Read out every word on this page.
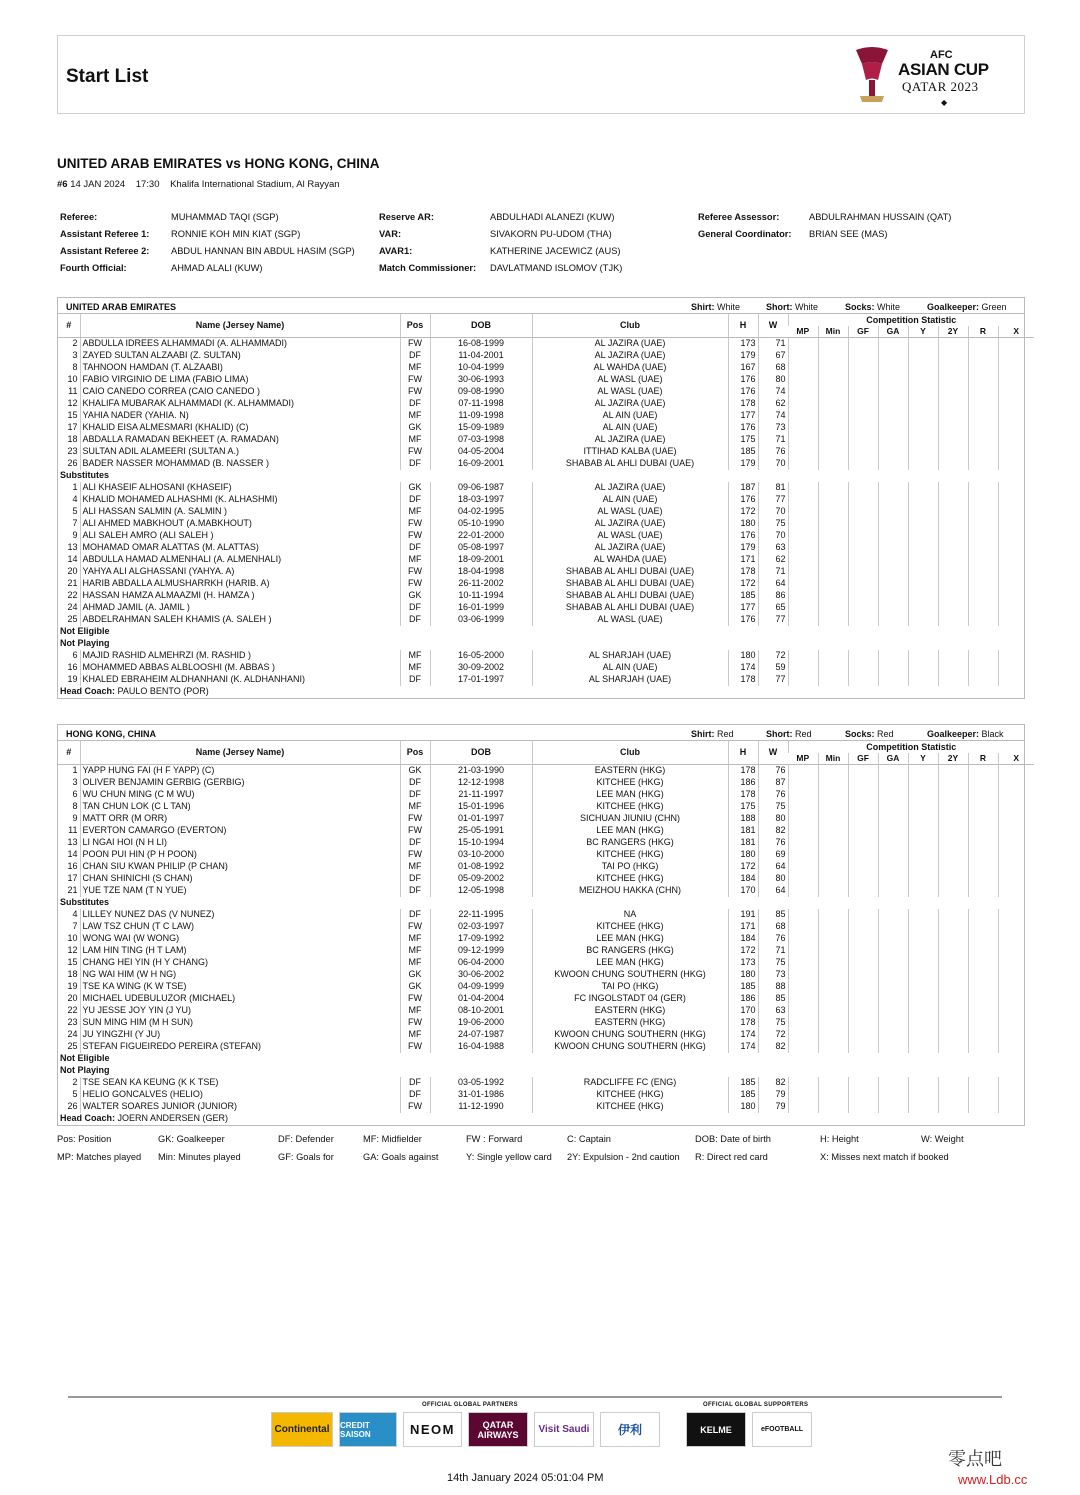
Start List
AFC
ASIAN CUP
QATAR 2023
◆
UNITED ARAB EMIRATES vs HONG KONG, CHINA
#6 14 JAN 2024 17:30 Khalifa International Stadium, Al Rayyan
Referee:	MUHAMMAD TAQI (SGP)
Assistant Referee 1: RONNIE KOH MIN KIAT (SGP)
Assistant Referee 2: ABDUL HANNAN BIN ABDUL HASIM (SGP)
Fourth Official:	AHMAD ALALI (KUW)
Reserve AR:	ABDULHADI ALANEZI (KUW)
VAR:	SIVAKORN PU-UDOM (THA)
AVAR1:	KATHERINE JACEWICZ (AUS)
Match Commissioner: DAVLATMAND ISLOMOV (TJK)
Referee Assessor:	ABDULRAHMAN HUSSAIN (QAT)
General Coordinator: BRIAN SEE (MAS)
UNITED ARAB EMIRATES	Shirt: White	Short: White	Socks: White	Goalkeeper: Green
#	Name (Jersey Name)	Pos	DOB	Club	H	W	Competition Statistic							
							MP	Min	GF	GA	Y	2Y	R	X
2	ABDULLA IDREES ALHAMMADI (A. ALHAMMADI)	FW	16-08-1999	AL JAZIRA (UAE)	173	71								
3	ZAYED SULTAN ALZAABI (Z. SULTAN)	DF	11-04-2001	AL JAZIRA (UAE)	179	67								
8	TAHNOON HAMDAN (T. ALZAABI)	MF	10-04-1999	AL WAHDA (UAE)	167	68								
10	FABIO VIRGINIO DE LIMA (FABIO LIMA)	FW	30-06-1993	AL WASL (UAE)	176	80								
11	CAIO CANEDO CORREA (CAIO CANEDO )	FW	09-08-1990	AL WASL (UAE)	176	74								
12	KHALIFA MUBARAK ALHAMMADI (K. ALHAMMADI)	DF	07-11-1998	AL JAZIRA (UAE)	178	62								
15	YAHIA NADER (YAHIA. N)	MF	11-09-1998	AL AIN (UAE)	177	74								
17	KHALID EISA ALMESMARI (KHALID) (C)	GK	15-09-1989	AL AIN (UAE)	176	73								
18	ABDALLA RAMADAN BEKHEET (A. RAMADAN)	MF	07-03-1998	AL JAZIRA (UAE)	175	71								
23	SULTAN ADIL ALAMEERI (SULTAN A.)	FW	04-05-2004	ITTIHAD KALBA (UAE)	185	76								
26	BADER NASSER MOHAMMAD (B. NASSER )	DF	16-09-2001	SHABAB AL AHLI DUBAI (UAE)	179	70								
Substitutes														
1	ALI KHASEIF ALHOSANI (KHASEIF)	GK	09-06-1987	AL JAZIRA (UAE)	187	81								
4	KHALID MOHAMED ALHASHMI (K. ALHASHMI)	DF	18-03-1997	AL AIN (UAE)	176	77								
5	ALI HASSAN SALMIN (A. SALMIN )	MF	04-02-1995	AL WASL (UAE)	172	70								
7	ALI AHMED MABKHOUT (A.MABKHOUT)	FW	05-10-1990	AL JAZIRA (UAE)	180	75								
9	ALI SALEH AMRO (ALI SALEH )	FW	22-01-2000	AL WASL (UAE)	176	70								
13	MOHAMAD OMAR ALATTAS (M. ALATTAS)	DF	05-08-1997	AL JAZIRA (UAE)	179	63								
14	ABDULLA HAMAD ALMENHALI (A. ALMENHALI)	MF	18-09-2001	AL WAHDA (UAE)	171	62								
20	YAHYA ALI ALGHASSANI (YAHYA. A)	FW	18-04-1998	SHABAB AL AHLI DUBAI (UAE)	178	71								
21	HARIB ABDALLA ALMUSHARRKH (HARIB. A)	FW	26-11-2002	SHABAB AL AHLI DUBAI (UAE)	172	64								
22	HASSAN HAMZA ALMAAZMI (H. HAMZA )	GK	10-11-1994	SHABAB AL AHLI DUBAI (UAE)	185	86								
24	AHMAD JAMIL (A. JAMIL )	DF	16-01-1999	SHABAB AL AHLI DUBAI (UAE)	177	65								
25	ABDELRAHMAN SALEH KHAMIS (A. SALEH )	DF	03-06-1999	AL WASL (UAE)	176	77								
Not Eligible														
Not Playing														
6	MAJID RASHID ALMEHRZI (M. RASHID )	MF	16-05-2000	AL SHARJAH (UAE)	180	72								
16	MOHAMMED ABBAS ALBLOOSHI (M. ABBAS )	MF	30-09-2002	AL AIN (UAE)	174	59								
19	KHALED EBRAHEIM ALDHANHANI (K. ALDHANHANI)	DF	17-01-1997	AL SHARJAH (UAE)	178	77								
Head Coach: PAULO BENTO (POR)														
HONG KONG, CHINA	Shirt: Red	Short: Red	Socks: Red	Goalkeeper: Black
#	Name (Jersey Name)	Pos	DOB	Club	H	W	Competition Statistic							
							MP	Min	GF	GA	Y	2Y	R	X
1	YAPP HUNG FAI (H F YAPP) (C)	GK	21-03-1990	EASTERN (HKG)	178	76								
3	OLIVER BENJAMIN GERBIG (GERBIG)	DF	12-12-1998	KITCHEE (HKG)	186	87								
6	WU CHUN MING (C M WU)	DF	21-11-1997	LEE MAN (HKG)	178	76								
8	TAN CHUN LOK (C L TAN)	MF	15-01-1996	KITCHEE (HKG)	175	75								
9	MATT ORR (M ORR)	FW	01-01-1997	SICHUAN JIUNIU (CHN)	188	80								
11	EVERTON CAMARGO (EVERTON)	FW	25-05-1991	LEE MAN (HKG)	181	82								
13	LI NGAI HOI (N H LI)	DF	15-10-1994	BC RANGERS (HKG)	181	76								
14	POON PUI HIN (P H POON)	FW	03-10-2000	KITCHEE (HKG)	180	69								
16	CHAN SIU KWAN PHILIP (P CHAN)	MF	01-08-1992	TAI PO (HKG)	172	64								
17	CHAN SHINICHI (S CHAN)	DF	05-09-2002	KITCHEE (HKG)	184	80								
21	YUE TZE NAM (T N YUE)	DF	12-05-1998	MEIZHOU HAKKA (CHN)	170	64								
Substitutes														
4	LILLEY NUNEZ DAS (V NUNEZ)	DF	22-11-1995	NA	191	85								
7	LAW TSZ CHUN (T C LAW)	FW	02-03-1997	KITCHEE (HKG)	171	68								
10	WONG WAI (W WONG)	MF	17-09-1992	LEE MAN (HKG)	184	76								
12	LAM HIN TING (H T LAM)	MF	09-12-1999	BC RANGERS (HKG)	172	71								
15	CHANG HEI YIN (H Y CHANG)	MF	06-04-2000	LEE MAN (HKG)	173	75								
18	NG WAI HIM (W H NG)	GK	30-06-2002	KWOON CHUNG SOUTHERN (HKG)	180	73								
19	TSE KA WING (K W TSE)	GK	04-09-1999	TAI PO (HKG)	185	88								
20	MICHAEL UDEBULUZOR (MICHAEL)	FW	01-04-2004	FC INGOLSTADT 04 (GER)	186	85								
22	YU JESSE JOY YIN (J YU)	MF	08-10-2001	EASTERN (HKG)	170	63								
23	SUN MING HIM (M H SUN)	FW	19-06-2000	EASTERN (HKG)	178	75								
24	JU YINGZHI (Y JU)	MF	24-07-1987	KWOON CHUNG SOUTHERN (HKG)	174	72								
25	STEFAN FIGUEIREDO PEREIRA (STEFAN)	FW	16-04-1988	KWOON CHUNG SOUTHERN (HKG)	174	82								
Not Eligible														
Not Playing														
2	TSE SEAN KA KEUNG (K K TSE)	DF	03-05-1992	RADCLIFFE FC (ENG)	185	82								
5	HELIO GONCALVES (HELIO)	DF	31-01-1986	KITCHEE (HKG)	185	79								
26	WALTER SOARES JUNIOR (JUNIOR)	FW	11-12-1990	KITCHEE (HKG)	180	79								
Head Coach: JOERN ANDERSEN (GER)														
Pos: Position	GK: Goalkeeper	DF: Defender	MF: Midfielder	FW : Forward	C: Captain	DOB: Date of birth	H: Height	W: Weight
MP: Matches played Min: Minutes played	GF: Goals for	GA: Goals against	Y: Single yellow card 2Y: Expulsion - 2nd caution R: Direct red card	X: Misses next match if booked
OFFICIAL GLOBAL PARTNERS	OFFICIAL GLOBAL SUPPORTERS
Continental	CREDIT SAISON	NEOM	QATAR AIRWAYS	Visit Saudi	伊利	KELME	eFOOTBALL
14th January 2024 05:01:04 PM
零点吧
www.Ldb.cc
